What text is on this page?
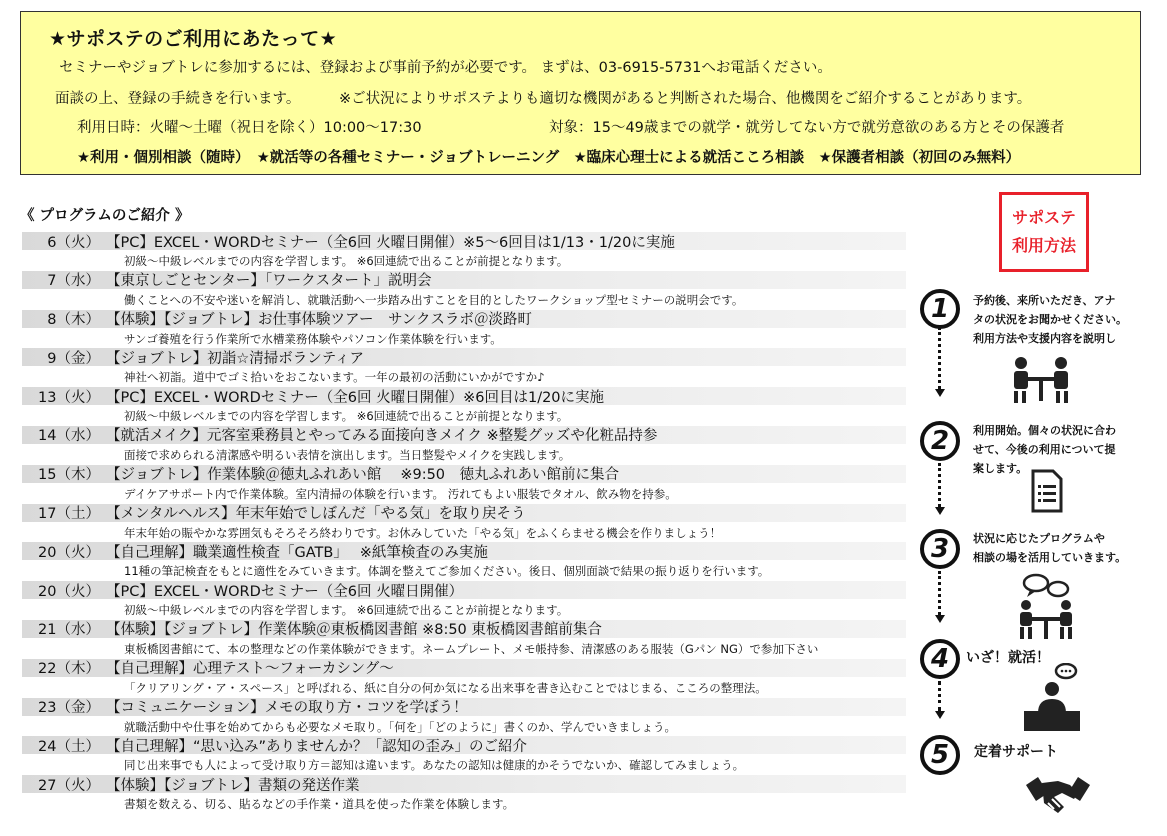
★サポステのご利用にあたって★
セミナーやジョブトレに参加するには、登録および事前予約が必要です。 まずは、03-6915-5731へお電話ください。
面談の上、登録の手続きを行います。	※ご状況によりサポステよりも適切な機関があると判断された場合、他機関をご紹介することがあります。
利用日時：火曜～土曜（祝日を除く）10:00～17:30	対象：15～49歳までの就学・就労してない方で就労意欲のある方とその保護者
★利用・個別相談（随時）　★就活等の各種セミナー・ジョブトレーニング　★臨床心理士による就活こころ相談　★保護者相談（初回のみ無料）
《 プログラムのご紹介 》
6（火） 【PC】EXCEL・WORDセミナー（全6回 火曜日開催）※5～6回目は1/13・1/20に実施
初級～中級レベルまでの内容を学習します。 ※6回連続で出ることが前提となります。
7（水） 【東京しごとセンター】「ワークスタート」説明会
働くことへの不安や迷いを解消し、就職活動へ一歩踏み出すことを目的としたワークショップ型セミナーの説明会です。
8（木） 【体験】【ジョブトレ】お仕事体験ツアー　サンクスラボ＠淡路町
サンゴ養殖を行う作業所で水槽業務体験やパソコン作業体験を行います。
9（金） 【ジョブトレ】初詣☆清掃ボランティア
神社へ初詣。道中でゴミ拾いをおこないます。一年の最初の活動にいかがですか♪
13（火） 【PC】EXCEL・WORDセミナー（全6回 火曜日開催）※6回目は1/20に実施
初級～中級レベルまでの内容を学習します。 ※6回連続で出ることが前提となります。
14（水） 【就活メイク】元客室乗務員とやってみる面接向きメイク ※整髪グッズや化粧品持参
面接で求められる清潔感や明るい表情を演出します。当日整髪やメイクを実践します。
15（木） 【ジョブトレ】作業体験＠徳丸ふれあい館　 ※9:50　徳丸ふれあい館前に集合
デイケアサポート内で作業体験。室内清掃の体験を行います。 汚れてもよい服装でタオル、飲み物を持参。
17（土） 【メンタルヘルス】年末年始でしぼんだ「やる気」を取り戻そう
年末年始の賑やかな雰囲気もそろそろ終わりです。お休みしていた「やる気」をふくらませる機会を作りましょう！
20（火） 【自己理解】職業適性検査「GATB」　 ※紙筆検査のみ実施
11種の筆記検査をもとに適性をみていきます。体調を整えてご参加ください。後日、個別面談で結果の振り返りを行います。
20（火） 【PC】EXCEL・WORDセミナー（全6回 火曜日開催）
初級～中級レベルまでの内容を学習します。 ※6回連続で出ることが前提となります。
21（水） 【体験】【ジョブトレ】作業体験＠東板橋図書館 ※8:50 東板橋図書館前集合
東板橋図書館にて、本の整理などの作業体験ができます。ネームプレート、メモ帳持参、清潔感のある服装（Gパン NG）で参加下さい
22（木） 【自己理解】心理テスト～フォーカシング～
「クリアリング・ア・スペース」と呼ばれる、紙に自分の何か気になる出来事を書き込むことではじまる、こころの整理法。
23（金） 【コミュニケーション】メモの取り方・コツを学ぼう！
就職活動中や仕事を始めてからも必要なメモ取り。「何を」「どのように」書くのか、学んでいきましょう。
24（土） 【自己理解】“思い込み”ありませんか？「認知の歪み」のご紹介
同じ出来事でも人によって受け取り方＝認知は違います。あなたの認知は健康的かそうでないか、確認してみましょう。
27（火） 【体験】【ジョブトレ】書類の発送作業
書類を数える、切る、貼るなどの手作業・道具を使った作業を体験します。
サポステ
利用方法
1	予約後、来所いただき、アナ
タの状況をお聞かせください。
利用方法や支援内容を説明し
2	利用開始。個々の状況に合わ
せて、今後の利用について提
案します。
3	状況に応じたプログラムや
相談の場を活用していきます。
4	いざ！就活！
5	定着サポート
